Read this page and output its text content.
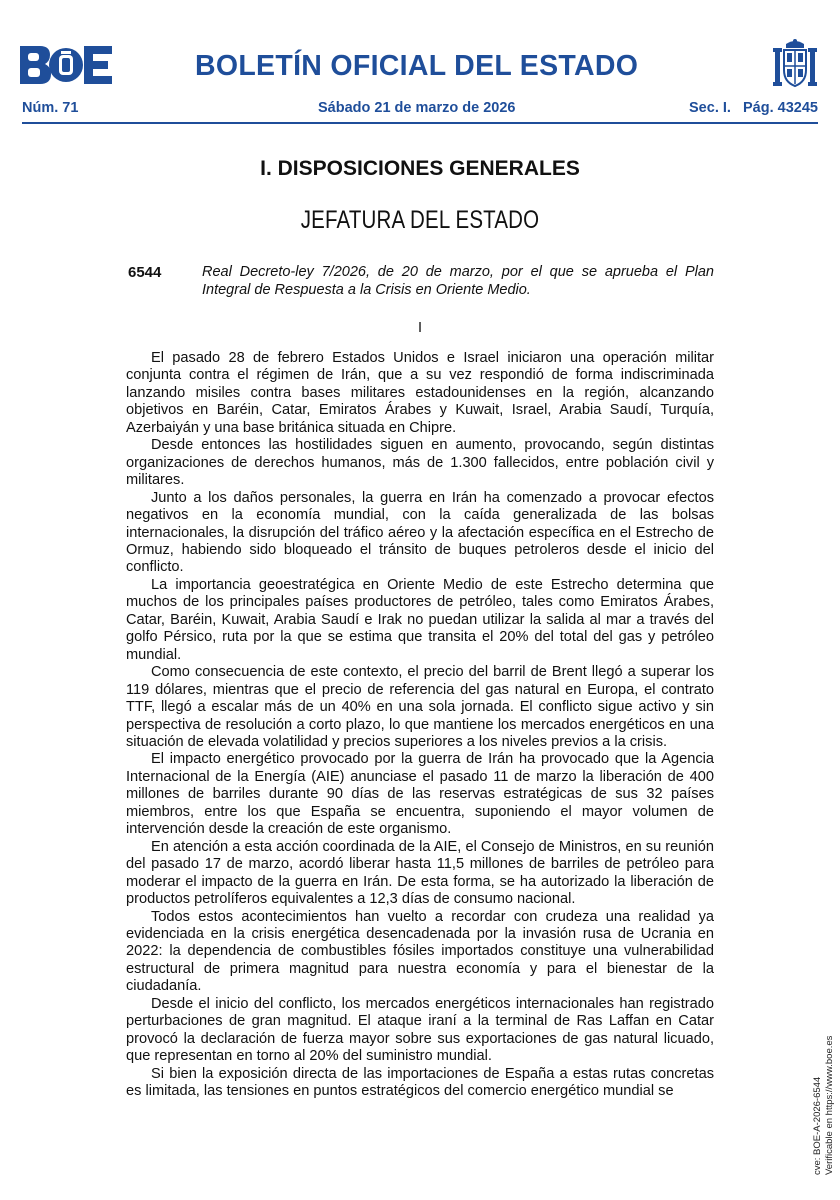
BOLETÍN OFICIAL DEL ESTADO
Núm. 71	Sábado 21 de marzo de 2026	Sec. I.   Pág. 43245
I. DISPOSICIONES GENERALES
JEFATURA DEL ESTADO
6544	Real Decreto-ley 7/2026, de 20 de marzo, por el que se aprueba el Plan Integral de Respuesta a la Crisis en Oriente Medio.
I

El pasado 28 de febrero Estados Unidos e Israel iniciaron una operación militar conjunta contra el régimen de Irán, que a su vez respondió de forma indiscriminada lanzando misiles contra bases militares estadounidenses en la región, alcanzando objetivos en Baréin, Catar, Emiratos Árabes y Kuwait, Israel, Arabia Saudí, Turquía, Azerbaiyán y una base británica situada en Chipre.

Desde entonces las hostilidades siguen en aumento, provocando, según distintas organizaciones de derechos humanos, más de 1.300 fallecidos, entre población civil y militares.

Junto a los daños personales, la guerra en Irán ha comenzado a provocar efectos negativos en la economía mundial, con la caída generalizada de las bolsas internacionales, la disrupción del tráfico aéreo y la afectación específica en el Estrecho de Ormuz, habiendo sido bloqueado el tránsito de buques petroleros desde el inicio del conflicto.

La importancia geoestratégica en Oriente Medio de este Estrecho determina que muchos de los principales países productores de petróleo, tales como Emiratos Árabes, Catar, Baréin, Kuwait, Arabia Saudí e Irak no puedan utilizar la salida al mar a través del golfo Pérsico, ruta por la que se estima que transita el 20% del total del gas y petróleo mundial.

Como consecuencia de este contexto, el precio del barril de Brent llegó a superar los 119 dólares, mientras que el precio de referencia del gas natural en Europa, el contrato TTF, llegó a escalar más de un 40% en una sola jornada. El conflicto sigue activo y sin perspectiva de resolución a corto plazo, lo que mantiene los mercados energéticos en una situación de elevada volatilidad y precios superiores a los niveles previos a la crisis.

El impacto energético provocado por la guerra de Irán ha provocado que la Agencia Internacional de la Energía (AIE) anunciase el pasado 11 de marzo la liberación de 400 millones de barriles durante 90 días de las reservas estratégicas de sus 32 países miembros, entre los que España se encuentra, suponiendo el mayor volumen de intervención desde la creación de este organismo.

En atención a esta acción coordinada de la AIE, el Consejo de Ministros, en su reunión del pasado 17 de marzo, acordó liberar hasta 11,5 millones de barriles de petróleo para moderar el impacto de la guerra en Irán. De esta forma, se ha autorizado la liberación de productos petrolíferos equivalentes a 12,3 días de consumo nacional.

Todos estos acontecimientos han vuelto a recordar con crudeza una realidad ya evidenciada en la crisis energética desencadenada por la invasión rusa de Ucrania en 2022: la dependencia de combustibles fósiles importados constituye una vulnerabilidad estructural de primera magnitud para nuestra economía y para el bienestar de la ciudadanía.

Desde el inicio del conflicto, los mercados energéticos internacionales han registrado perturbaciones de gran magnitud. El ataque iraní a la terminal de Ras Laffan en Catar provocó la declaración de fuerza mayor sobre sus exportaciones de gas natural licuado, que representan en torno al 20% del suministro mundial.

Si bien la exposición directa de las importaciones de España a estas rutas concretas es limitada, las tensiones en puntos estratégicos del comercio energético mundial se	cve: BOE-A-2026-6544 Verificable en https://www.boe.es
